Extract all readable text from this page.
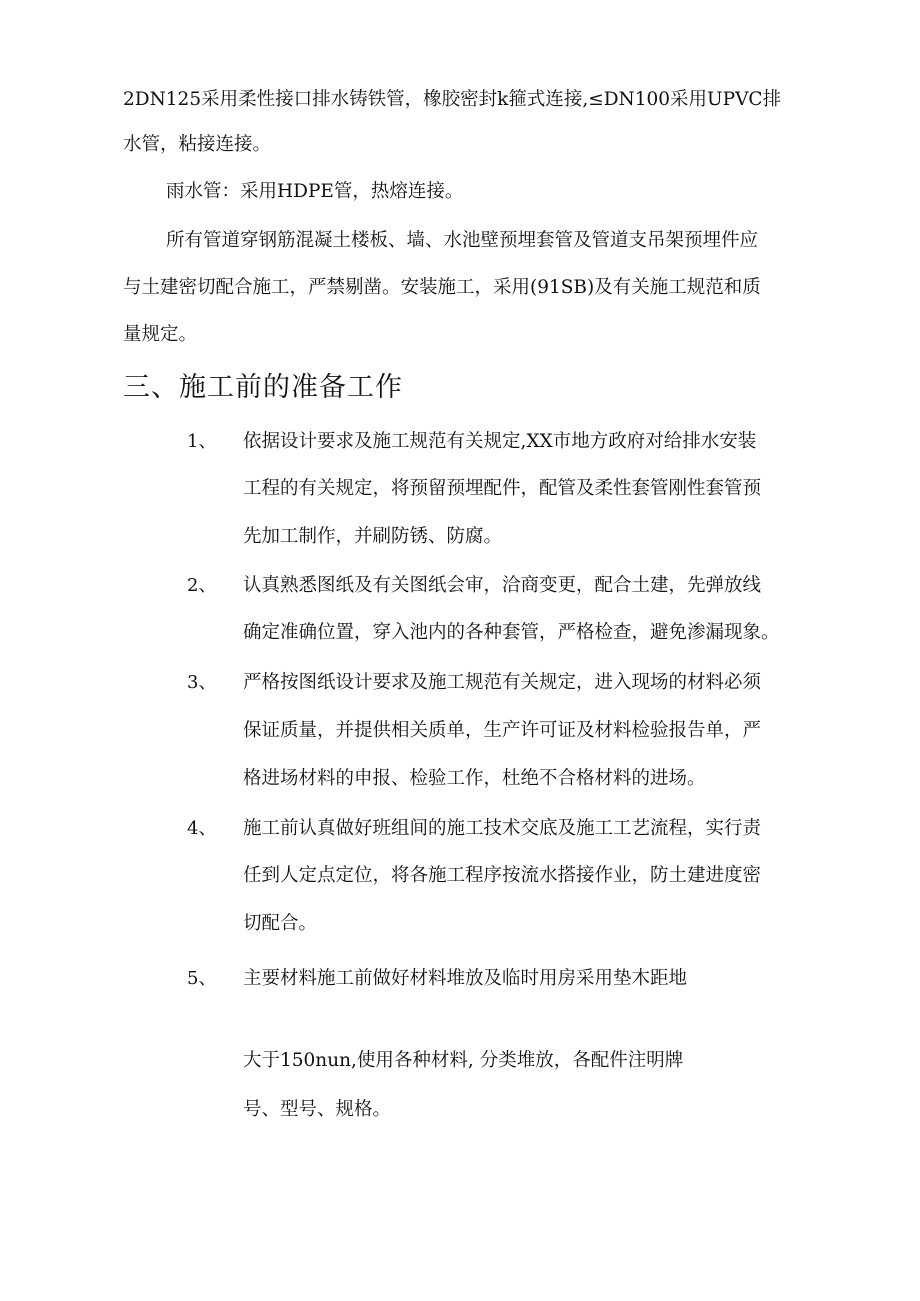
2DN125采用柔性接口排水铸铁管，橡胶密封k箍式连接,≤DN100采用UPVC排
水管，粘接连接。
雨水管：采用HDPE管，热熔连接。
所有管道穿钢筋混凝土楼板、墙、水池壁预埋套管及管道支吊架预埋件应
与土建密切配合施工，严禁剔凿。安装施工，采用(91SB)及有关施工规范和质
量规定。
三、施工前的准备工作
1、	依据设计要求及施工规范有关规定,XX市地方政府对给排水安装
工程的有关规定，将预留预埋配件，配管及柔性套管刚性套管预
先加工制作，并刷防锈、防腐。
2、	认真熟悉图纸及有关图纸会审，洽商变更，配合土建，先弹放线
确定准确位置，穿入池内的各种套管，严格检查，避免渗漏现象。
3、	严格按图纸设计要求及施工规范有关规定，进入现场的材料必须
保证质量，并提供相关质单，生产许可证及材料检验报告单，严
格进场材料的申报、检验工作，杜绝不合格材料的进场。
4、	施工前认真做好班组间的施工技术交底及施工工艺流程，实行责
任到人定点定位，将各施工程序按流水搭接作业，防土建进度密
切配合。
5、	主要材料施工前做好材料堆放及临时用房采用垫木距地
大于150nun,使用各种材料, 分类堆放，各配件注明牌
号、型号、规格。
